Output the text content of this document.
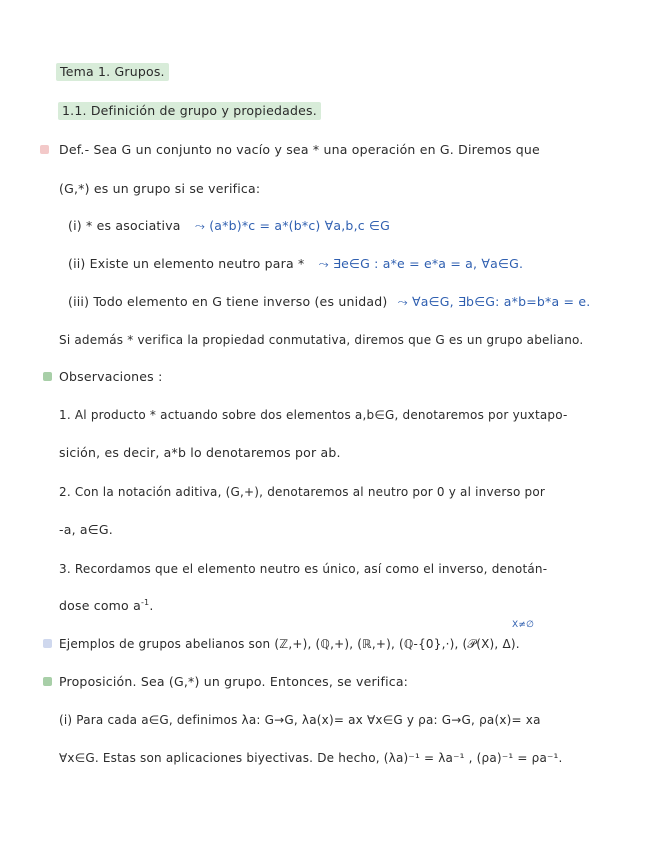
Tema 1. Grupos.
1.1. Definición de grupo y propiedades.
Def.- Sea G un conjunto no vacío y sea * una operación en G. Diremos que
(G,*) es un grupo si se verifica:
(i) * es asociativa ⤳ (a*b)*c = a*(b*c) ∀a,b,c ∈G
(ii) Existe un elemento neutro para * ⤳ ∃e∈G : a*e = e*a = a, ∀a∈G.
(iii) Todo elemento en G tiene inverso (es unidad) ⤳ ∀a∈G, ∃b∈G: a*b=b*a = e.
Si además * verifica la propiedad conmutativa, diremos que G es un grupo abeliano.
Observaciones :
1. Al producto * actuando sobre dos elementos a,b∈G, denotaremos por yuxtapo-
sición, es decir, a*b lo denotaremos por ab.
2. Con la notación aditiva, (G,+), denotaremos al neutro por 0 y al inverso por
-a, a∈G.
3. Recordamos que el elemento neutro es único, así como el inverso, denotán-
dose como $a^{-1}$.
X≠∅
Ejemplos de grupos abelianos son (ℤ,+), (ℚ,+), (ℝ,+), (ℚ-{0},·), (𝒫(X), Δ).
Proposición. Sea (G,*) un grupo. Entonces, se verifica:
(i) Para cada a∈G, definimos λa: G→G, λa(x)= ax ∀x∈G y ρa: G→G, ρa(x)= xa
∀x∈G. Estas son aplicaciones biyectivas. De hecho, (λa)⁻¹ = λa⁻¹ , (ρa)⁻¹ = ρa⁻¹.
